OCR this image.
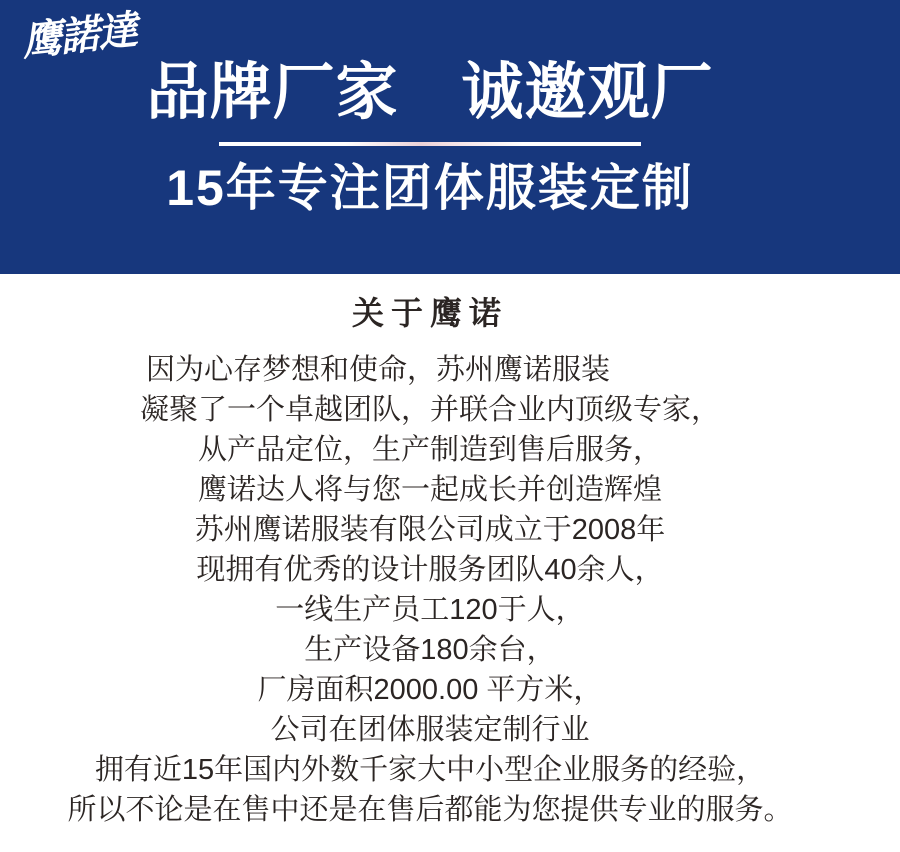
鹰諾達
品牌厂家　诚邀观厂
15年专注团体服装定制
关于鹰诺
因为心存梦想和使命，苏州鹰诺服装
凝聚了一个卓越团队，并联合业内顶级专家，
从产品定位，生产制造到售后服务，
鹰诺达人将与您一起成长并创造辉煌
苏州鹰诺服装有限公司成立于2008年
现拥有优秀的设计服务团队40余人，
一线生产员工120于人，
生产设备180余台，
厂房面积2000.00 平方米，
公司在团体服装定制行业
拥有近15年国内外数千家大中小型企业服务的经验，
所以不论是在售中还是在售后都能为您提供专业的服务。
